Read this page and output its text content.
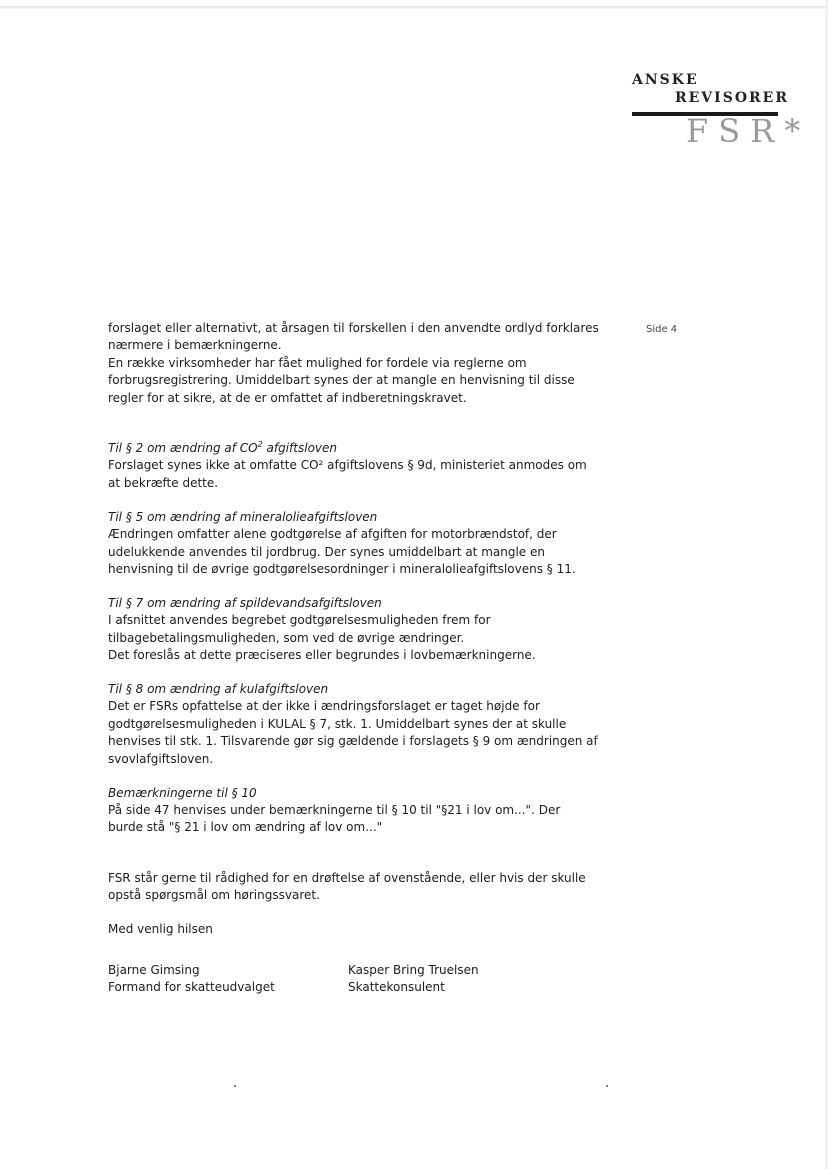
ANSKE
REVISORER
FSR*
Side 4

forslaget eller alternativt, at årsagen til forskellen i den anvendte ordlyd forklares

nærmere i bemærkningerne.

En række virksomheder har fået mulighed for fordele via reglerne om

forbrugsregistrering. Umiddelbart synes der at mangle en henvisning til disse

regler for at sikre, at de er omfattet af indberetningskravet.

Til § 2 om ændring af $CO^2$ afgiftsloven

Forslaget synes ikke at omfatte CO² afgiftslovens § 9d, ministeriet anmodes om

at bekræfte dette.

Til § 5 om ændring af mineralolieafgiftsloven

Ændringen omfatter alene godtgørelse af afgiften for motorbrændstof, der

udelukkende anvendes til jordbrug. Der synes umiddelbart at mangle en

henvisning til de øvrige godtgørelsesordninger i mineralolieafgiftslovens § 11.

Til § 7 om ændring af spildevandsafgiftsloven

I afsnittet anvendes begrebet godtgørelsesmuligheden frem for

tilbagebetalingsmuligheden, som ved de øvrige ændringer.

Det foreslås at dette præciseres eller begrundes i lovbemærkningerne.

Til § 8 om ændring af kulafgiftsloven

Det er FSRs opfattelse at der ikke i ændringsforslaget er taget højde for

godtgørelsesmuligheden i KULAL § 7, stk. 1. Umiddelbart synes der at skulle

henvises til stk. 1. Tilsvarende gør sig gældende i forslagets § 9 om ændringen af

svovlafgiftsloven.

Bemærkningerne til § 10

På side 47 henvises under bemærkningerne til § 10 til "§21 i lov om...". Der

burde stå "§ 21 i lov om ændring af lov om..."

FSR står gerne til rådighed for en drøftelse af ovenstående, eller hvis der skulle

opstå spørgsmål om høringssvaret.

Med venlig hilsen

Bjarne Gimsing
Formand for skatteudvalget
Kasper Bring Truelsen
Skattekonsulent
